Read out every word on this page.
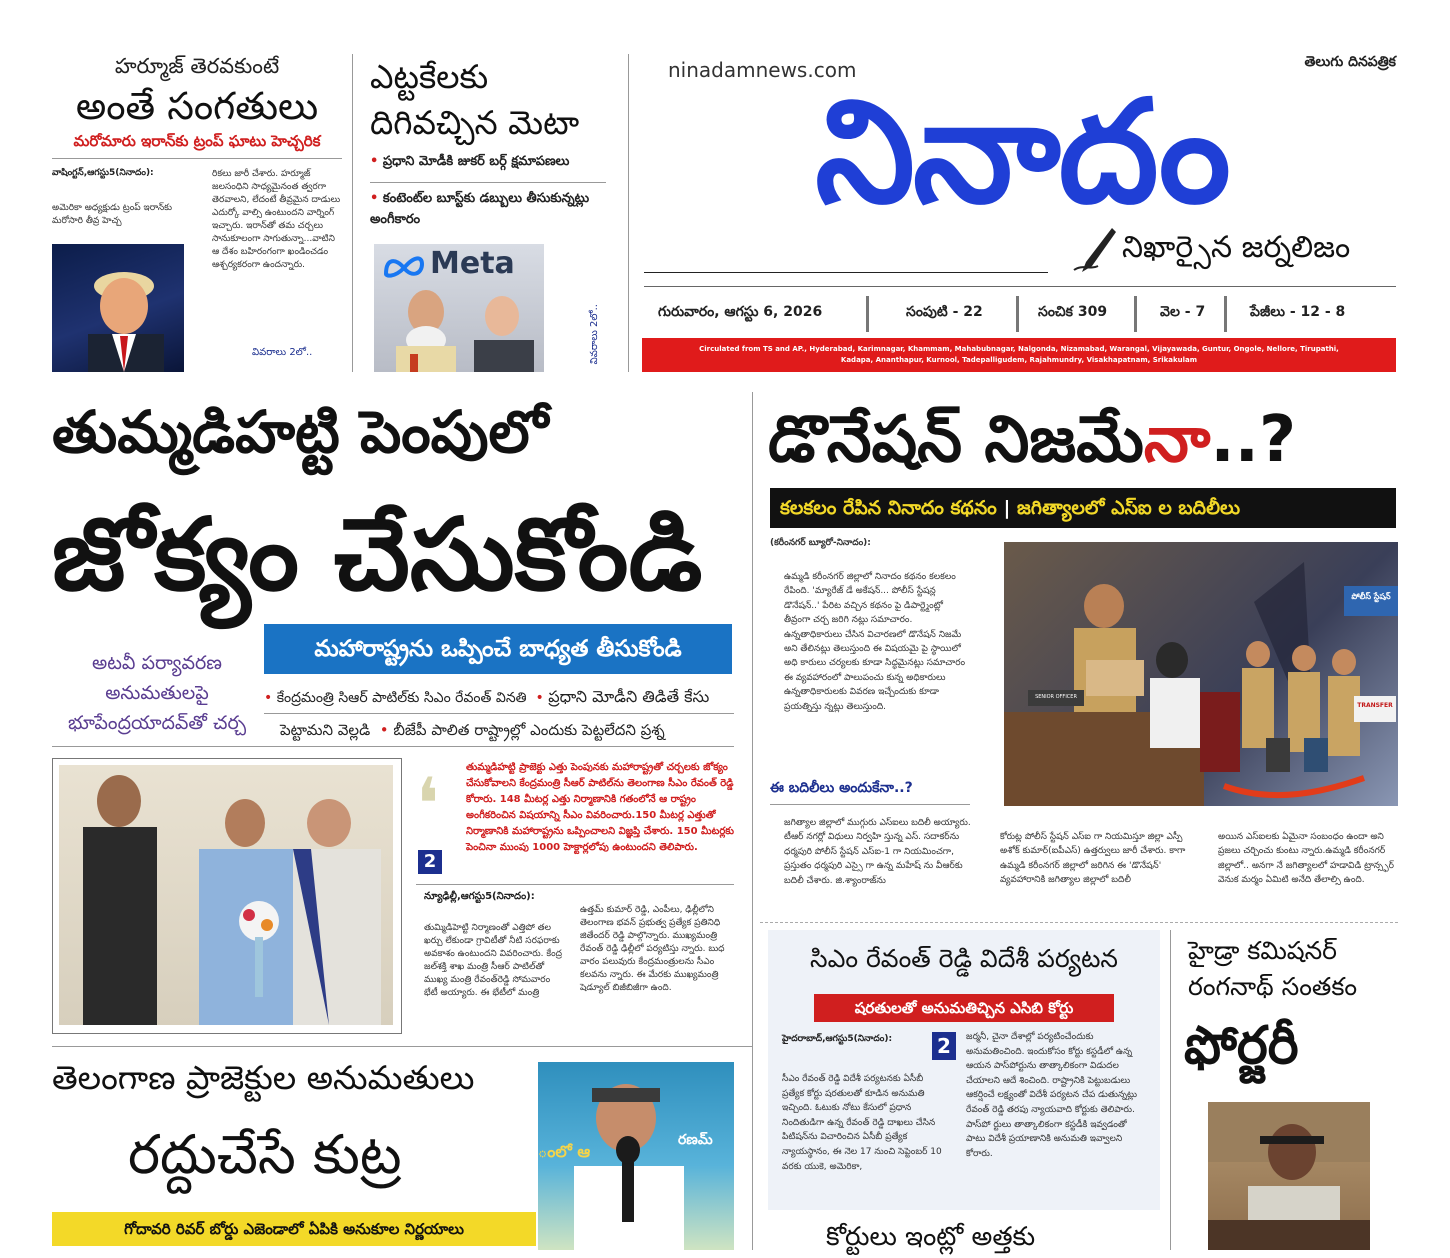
హర్మూజ్ తెరవకుంటే
అంతే సంగతులు
మరోమారు ఇరాన్‌కు ట్రంప్ ఘాటు హెచ్చరిక
వాషింగ్టన్,ఆగస్టు5(నినాదం):
అమెరికా అధ్యక్షుడు ట్రంప్ ఇరాన్‌కు మరోసారి తీవ్ర హెచ్చ
రికలు జారీ చేశారు. హర్మూజ్ జలసంధిని సాధ్యమైనంత త్వరగా తెరవాలని, లేదంటే తీవ్రమైన దాడులు ఎదుర్కో వాల్సి ఉంటుందని వార్నింగ్ ఇచ్చారు. ఇరాన్‌తో తమ చర్చలు సానుకూలంగా సాగుతున్నా...వాటిని ఆ దేశం బహిరంగంగా ఖండించడం ఆశ్చర్యకరంగా ఉందన్నారు.
వివరాలు 2లో..
ఎట్టకేలకు దిగివచ్చిన మెటా
• ప్రధాని మోడీకి జుకర్ బర్గ్ క్షమాపణలు
• కంటెంట్‌ల బూస్ట్‌కు డబ్బులు తీసుకున్నట్లు అంగీకారం
Meta
వివరాలు 2లో..
ninadamnews.com	తెలుగు దినపత్రిక
నినాదం
నిఖార్సైన జర్నలిజం
గురువారం, ఆగస్టు 6, 2026	సంపుటి - 22	సంచిక 309	వెల - 7	పేజీలు - 12 - 8
Circulated from TS and AP., Hyderabad, Karimnagar, Khammam, Mahabubnagar, Nalgonda, Nizamabad, Warangal, Vijayawada, Guntur, Ongole, Nellore, Tirupathi,
Kadapa, Ananthapur, Kurnool, Tadepalligudem, Rajahmundry, Visakhapatnam, Srikakulam
తుమ్మడిహట్టి పెంపులో
జోక్యం చేసుకోండి
అటవీ పర్యావరణ అనుమతులపై భూపేంద్రయాదవ్‌తో చర్చ
మహారాష్ట్రను ఒప్పించే బాధ్యత తీసుకోండి
• కేంద్రమంత్రి సిఆర్ పాటిల్‌కు సిఎం రేవంత్ వినతి • ప్రధాని మోడీని తిడితే కేసు
పెట్టామని వెల్లడి • బీజేపీ పాలిత రాష్ట్రాల్లో ఎందుకు పెట్టలేదని ప్రశ్న
❛
2
తుమ్మడిహట్టి ప్రాజెక్టు ఎత్తు పెంపునకు మహారాష్ట్రతో చర్చలకు జోక్యం చేసుకోవాలని కేంద్రమంత్రి సీఆర్ పాటిల్‌ను తెలంగాణ సీఎం రేవంత్ రెడ్డి కోరారు. 148 మీటర్ల ఎత్తు నిర్మాణానికి గతంలోనే ఆ రాష్ట్రం అంగీకరించిన విషయాన్ని సీఎం వివరించారు.150 మీటర్ల ఎత్తుతో నిర్మాణానికి మహారాష్ట్రను ఒప్పించాలని విజ్ఞప్తి చేశారు. 150 మీటర్లకు పెంచినా ముంపు 1000 హెక్టార్లలోపు ఉంటుందని తెలిపారు.
న్యూఢిల్లీ,ఆగస్టు5(నినాదం):
తుమ్మిడిహెట్టి నిర్మాణంతో ఎత్తిపో తల ఖర్చు లేకుండా గ్రావిటీతో నీటి సరఫరాకు అవకాశం ఉంటుందని వివరించారు. కేంద్ర జల్‌శక్తి శాఖ మంత్రి సీఆర్ పాటిల్‌తో ముఖ్య మంత్రి రేవంత్‌రెడ్డి సోమవారం భేటీ అయ్యారు. ఈ భేటీలో మంత్రి
ఉత్తమ్ కుమార్ రెడ్డి, ఎంపీలు, ఢిల్లీలోని తెలంగాణ భవన్ ప్రభుత్వ ప్రత్యేక ప్రతినిధి జితేందర్ రెడ్డి పాల్గొన్నారు. ముఖ్యమంత్రి రేవంత్ రెడ్డి ఢిల్లీలో పర్యటిస్తు న్నారు. బుధ వారం పలువురు కేంద్రమంత్రులను సీఎం కలవను న్నారు. ఈ మేరకు ముఖ్యమంత్రి షెడ్యూల్ బిజీబిజీగా ఉంది.
డొనేషన్ నిజమేనా..?
కలకలం రేపిన నినాదం కథనం | జగిత్యాలలో ఎస్ఐ ల బదిలీలు
(కరీంనగర్ బ్యూరో-నినాదం):
ఉమ్మడి కరీంనగర్ జిల్లాలో నినాదం కథనం కలకలం రేపింది. 'మ్యారేజ్ డే అకేషన్... పోలీస్ స్టేషన్ల డొనేషన్..' పేరిట వచ్చిన కథనం పై డిపార్ట్మెంట్లో తీవ్రంగా చర్చ జరిగి నట్లు సమాచారం. ఉన్నతాధికారులు చేసిన విచారణలో డొనేషన్ నిజమే అని తేలినట్లు తెలుస్తుంది ఈ విషయమై పై స్థాయిలో అధి కారులు చర్యలకు కూడా సిద్ధమైనట్లు సమాచారం ఈ వ్యవహారంలో పాలుపంచు కున్న అధికారులు ఉన్నతాధికారులకు వివరణ ఇచ్చేందుకు కూడా ప్రయత్నిస్తు న్నట్లు తెలుస్తుంది.
పోలీస్ స్టేషన్
TRANSFER
SENIOR OFFICER
ఈ బదిలీలు అందుకేనా..?
జగిత్యాల జిల్లాలో ముగ్గురు ఎస్ఐలు బదిలీ అయ్యారు. టీఆర్ నగర్లో విధులు నిర్వహి స్తున్న ఎస్. సదాకర్‌ను ధర్మపురి పోలీస్ స్టేషన్ ఎస్ఐ-1 గా నియమించగా, ప్రస్తుతం ధర్మపురి ఎస్సై గా ఉన్న మహేష్ ను వీఆర్‌కు బదిలీ చేశారు. జి.శ్యాంరాజ్‌ను
కోరుట్ల పోలీస్ స్టేషన్ ఎస్ఐ గా నియమిస్తూ జిల్లా ఎస్పీ అశోక్ కుమార్(ఐపీఎస్) ఉత్తర్వులు జారీ చేశారు. కాగా ఉమ్మడి కరీంనగర్ జిల్లాలో జరిగిన ఈ 'డొనేషన్' వ్యవహారానికి జగిత్యాల జిల్లాలో బదిలీ
అయిన ఎస్ఐలకు ఏమైనా సంబంధం ఉందా అని ప్రజలు చర్చించు కుంటు న్నారు.ఉమ్మడి కరీంనగర్ జిల్లాలో.. అనగా నే జగిత్యాలలో హడావిడి ట్రాన్స్ఫర్ వెనుక మర్మం ఏమిటి అనేది తేలాల్సి ఉంది.
సిఎం రేవంత్ రెడ్డి విదేశీ పర్యటన
షరతులతో అనుమతిచ్చిన ఎసిబి కోర్టు
హైదరాబాద్,ఆగస్టు5(నినాదం): 2
సీఎం రేవంత్ రెడ్డి విదేశీ పర్యటనకు ఏసీబీ ప్రత్యేక కోర్టు షరతులతో కూడిన అనుమతి ఇచ్చింది. ఓటుకు నోటు కేసులో ప్రధాన నిందితుడిగా ఉన్న రేవంత్ రెడ్డి దాఖలు చేసిన పిటిషన్‌ను విచారించిన ఏసీబీ ప్రత్యేక న్యాయస్థానం, ఈ నెల 17 నుంచి సెప్టెంబర్ 10 వరకు యుకె, అమెరికా,
జర్మనీ, చైనా దేశాల్లో పర్యటించేందుకు అనుమతించింది. ఇందుకోసం కోర్టు కస్టడీలో ఉన్న ఆయన పాస్‌పోర్టును తాత్కాలికంగా విడుదల చేయాలని ఆదే శించింది. రాష్ట్రానికి పెట్టుబడులు ఆకర్షించే లక్ష్యంతో విదేశీ పర్యటన చేప డుతున్నట్లు రేవంత్ రెడ్డి తరపు న్యాయవాది కోర్టుకు తెలిపారు. పాస్‌పో ర్టులు తాత్కాలికంగా కస్టడీకి ఇవ్వడంతో పాటు విదేశీ ప్రయాణానికి అనుమతి ఇవ్వాలని కోరారు.
కోర్టులు ఇంట్లో అత్తకు
హైడ్రా కమిషనర్
రంగనాథ్ సంతకం
ఫోర్జరీ
తెలంగాణ ప్రాజెక్టుల అనుమతులు
రద్దుచేసే కుట్ర
గోదావరి రివర్ బోర్డు ఎజెండాలో ఏపికి అనుకూల నిర్ణయాలు
ంలో ఆ
రణమ్
